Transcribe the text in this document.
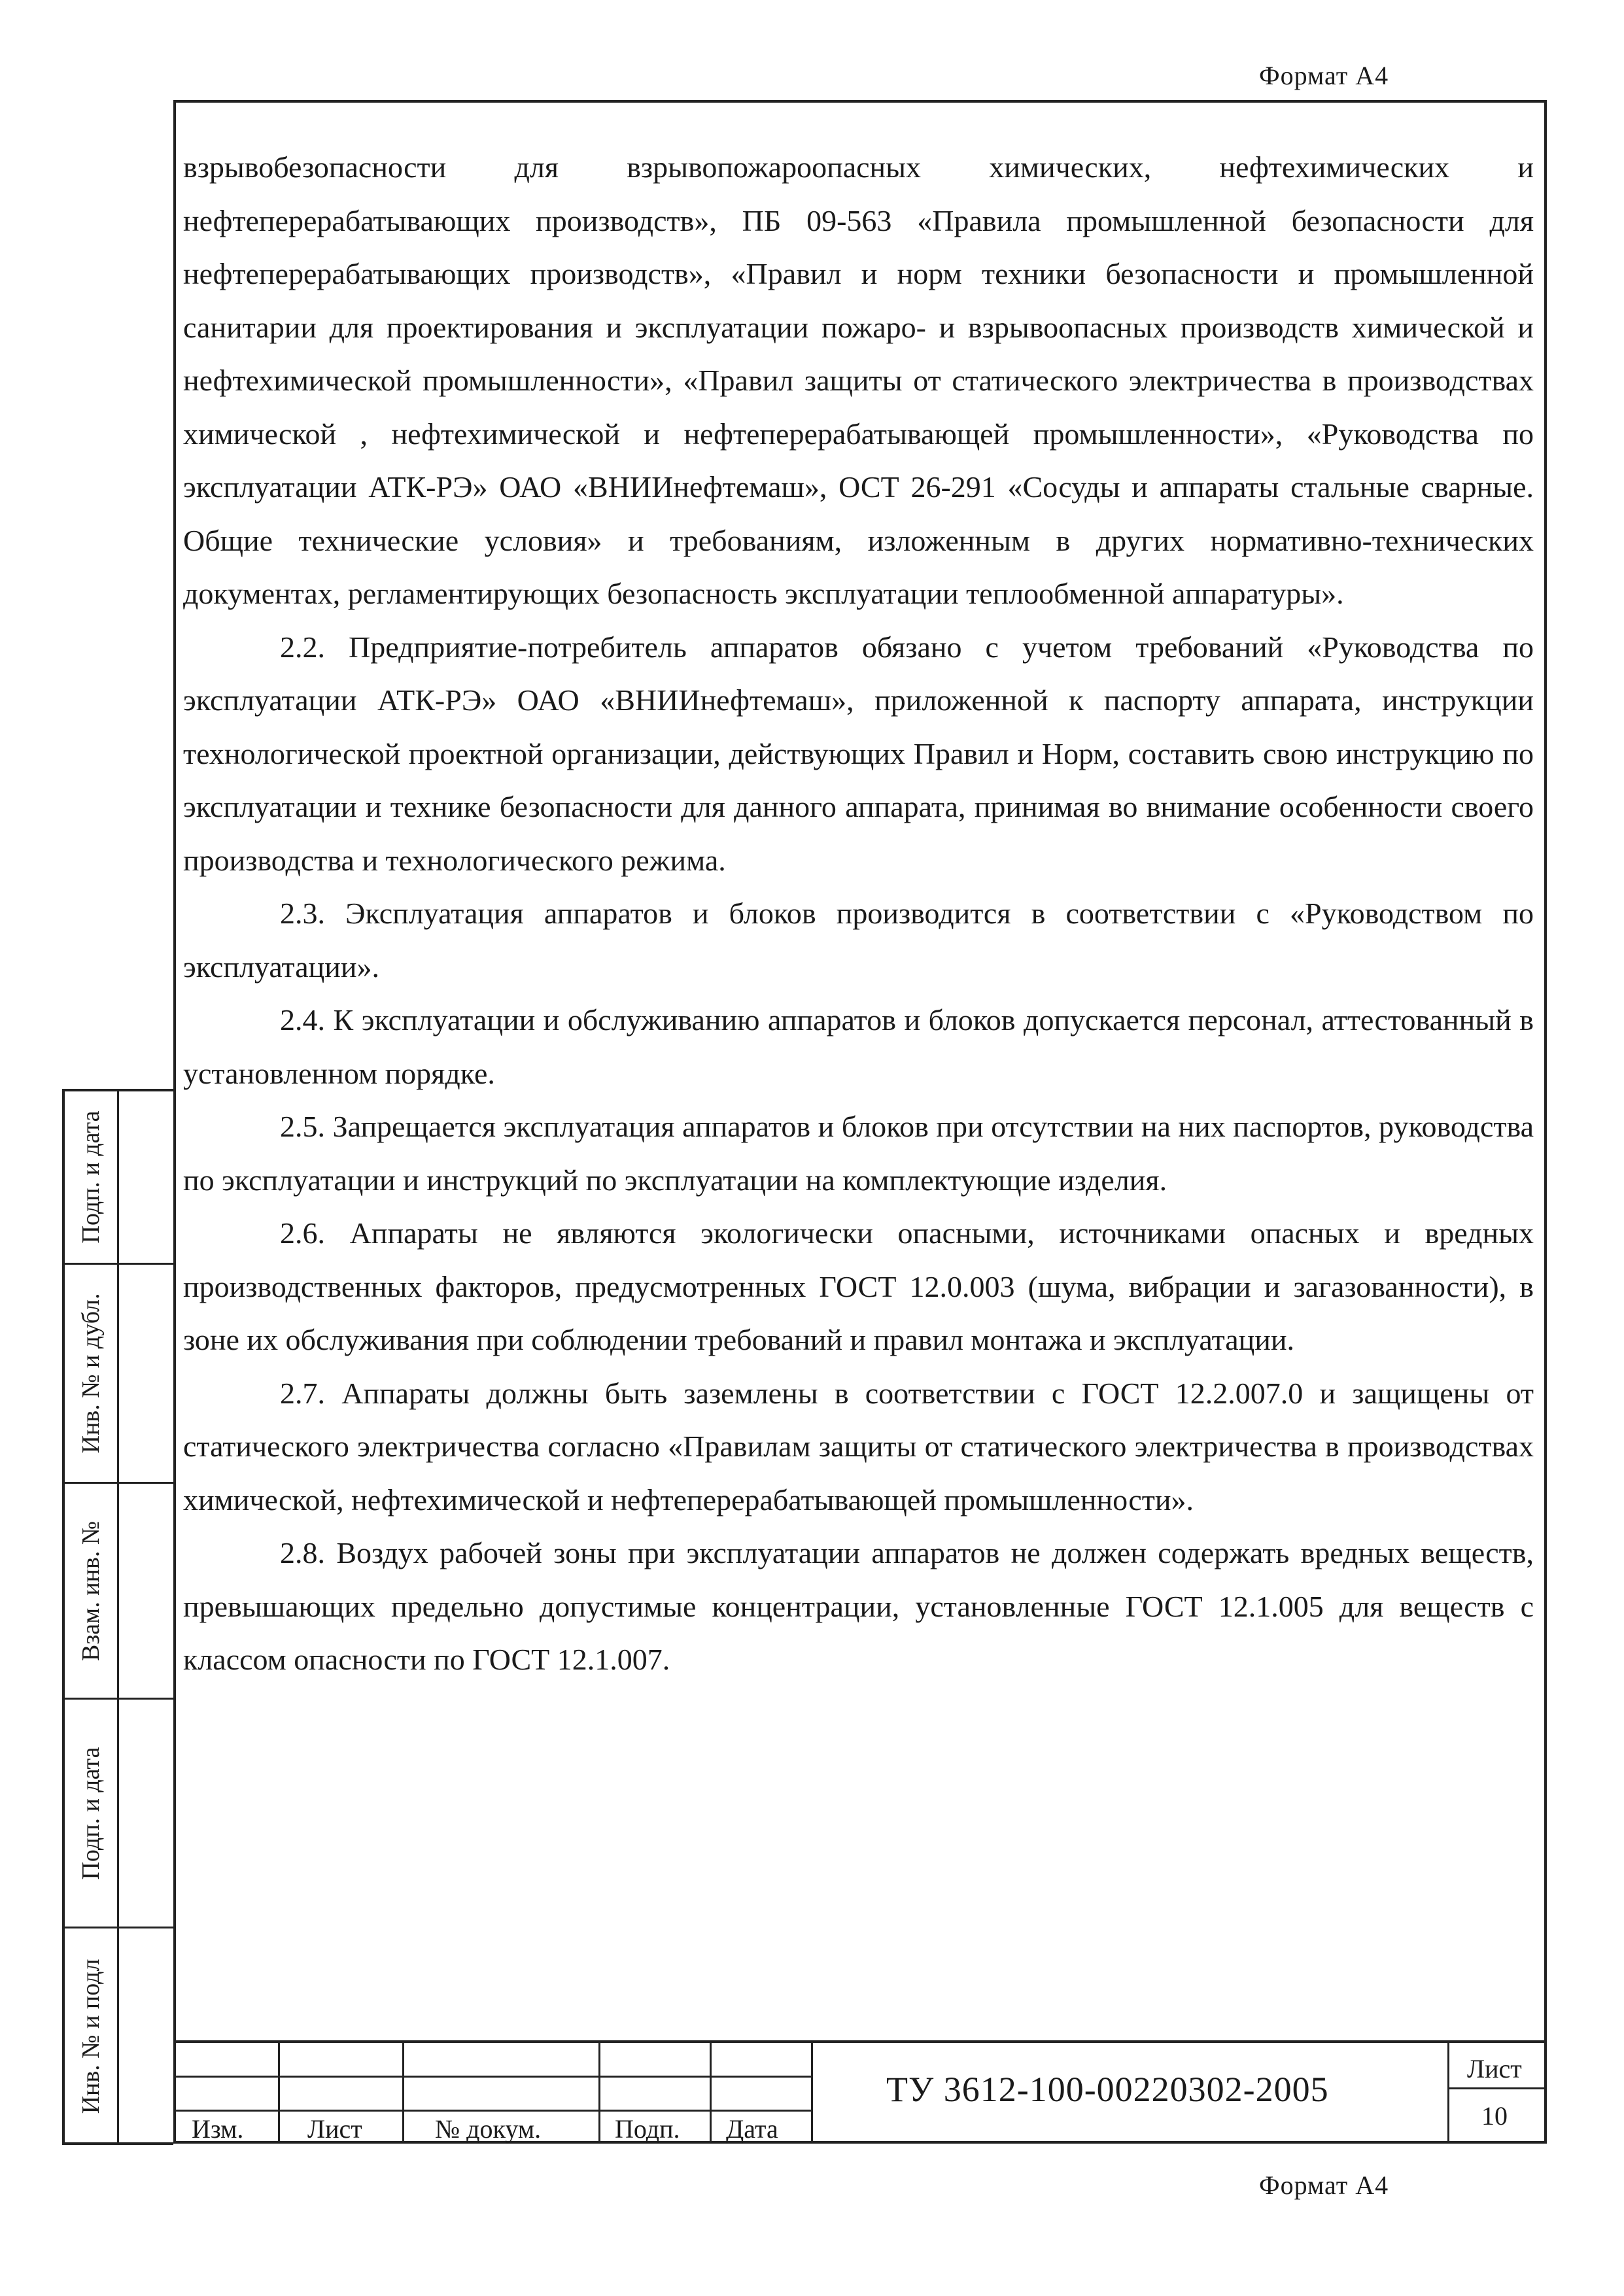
Формат А4

взрывобезопасности для взрывопожароопасных химических, нефтехимических и нефтеперерабатывающих производств», ПБ 09-563 «Правила промышленной безопасности для нефтеперерабатывающих производств», «Правил и норм техники безопасности и промышленной санитарии для проектирования и эксплуатации пожаро- и взрывоопасных производств химической и нефтехимической промышленности», «Правил защиты от статического электричества в производствах химической , нефтехимической и нефтеперерабатывающей промышленности», «Руководства по эксплуатации АТК-РЭ» ОАО «ВНИИнефтемаш», ОСТ 26-291 «Сосуды и аппараты стальные сварные. Общие технические условия» и требованиям, изложенным в других нормативно-технических документах, регламентирующих безопасность эксплуатации теплообменной аппаратуры».

2.2. Предприятие-потребитель аппаратов обязано с учетом требований «Руководства по эксплуатации АТК-РЭ» ОАО «ВНИИнефтемаш», приложенной к паспорту аппарата, инструкции технологической проектной организации, действующих Правил и Норм, составить свою инструкцию по эксплуатации и технике безопасности для данного аппарата, принимая во внимание особенности своего производства и технологического режима.

2.3. Эксплуатация аппаратов и блоков производится в соответствии с «Руководством по эксплуатации».

2.4. К эксплуатации и обслуживанию аппаратов и блоков допускается персонал, аттестованный в установленном порядке.

2.5. Запрещается эксплуатация аппаратов и блоков при отсутствии на них паспортов, руководства по эксплуатации и инструкций по эксплуатации на комплектующие изделия.

2.6. Аппараты не являются экологически опасными, источниками опасных и вредных производственных факторов, предусмотренных ГОСТ 12.0.003 (шума, вибрации и загазованности), в зоне их обслуживания при соблюдении требований и правил монтажа и эксплуатации.

2.7. Аппараты должны быть заземлены в соответствии с ГОСТ 12.2.007.0 и защищены от статического электричества согласно «Правилам защиты от статического электричества в производствах химической, нефтехимической и нефтеперерабатывающей промышленности».

2.8. Воздух рабочей зоны при эксплуатации аппаратов не должен содержать вредных веществ, превышающих предельно допустимые концентрации, установленные ГОСТ 12.1.005 для веществ с классом опасности по ГОСТ 12.1.007.

Подп. и дата
Инв. № и дубл.
Взам. инв. №
Подп. и дата
Инв. № и подл
Изм. Лист	№ докум.	Подп. Дата
ТУ 3612-100-00220302-2005
Лист
10
Формат А4
